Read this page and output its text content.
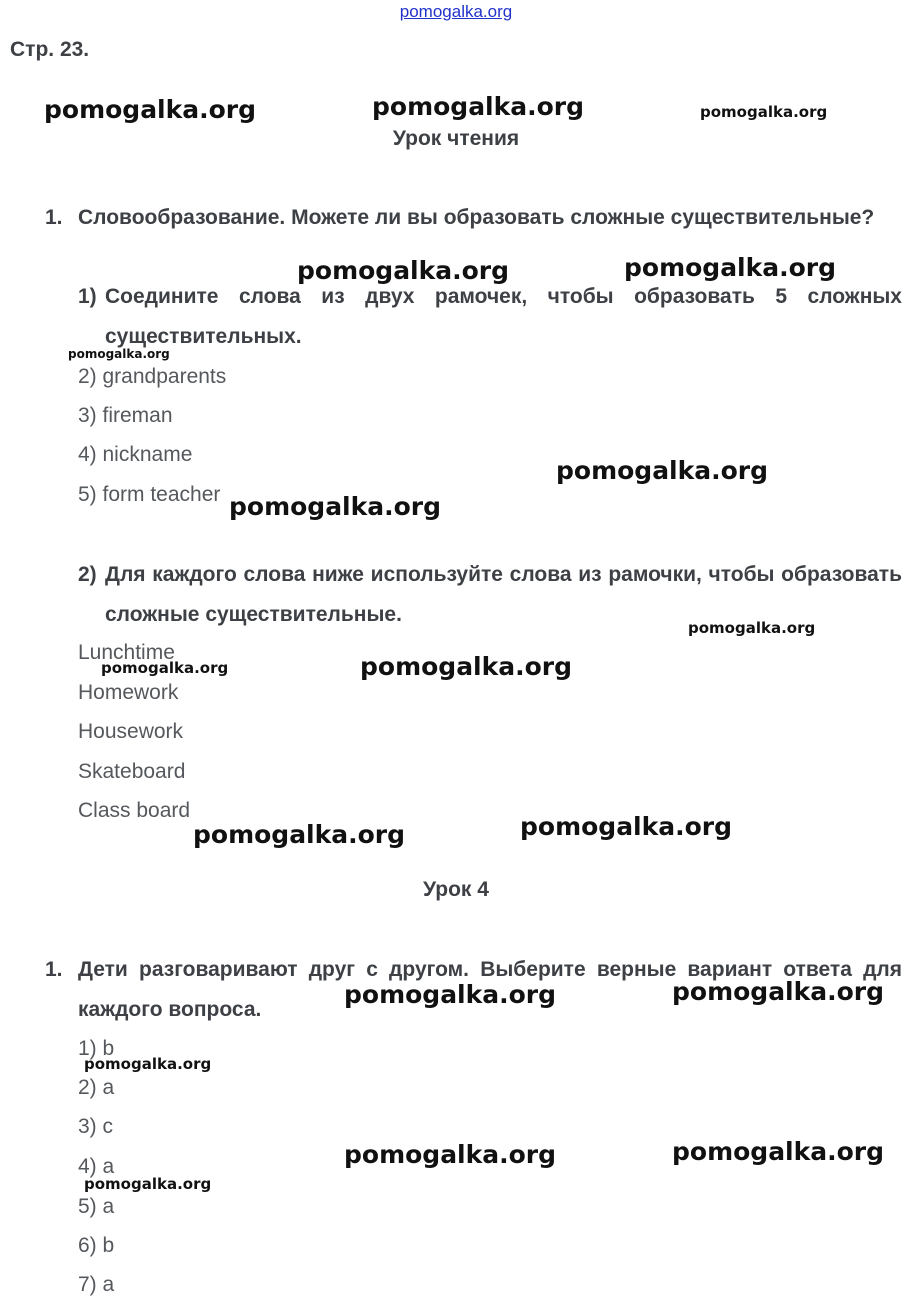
pomogalka.org
Стр. 23.
Урок чтения
1. Словообразование. Можете ли вы образовать сложные существительные?
1) Соедините слова из двух рамочек, чтобы образовать 5 сложных существительных.
2) grandparents
3) fireman
4) nickname
5) form teacher
2) Для каждого слова ниже используйте слова из рамочки, чтобы образовать сложные существительные.
Lunchtime
Homework
Housework
Skateboard
Class board
Урок 4
1. Дети разговаривают друг с другом. Выберите верные вариант ответа для каждого вопроса.
1) b
2) a
3) c
4) a
5) a
6) b
7) a
pomogalka.org	pomogalka.org	pomogalka.org
pomogalka.org	pomogalka.org
pomogalka.org
pomogalka.org
pomogalka.org
pomogalka.org
pomogalka.org	pomogalka.org
pomogalka.org	pomogalka.org
pomogalka.org	pomogalka.org
pomogalka.org
pomogalka.org	pomogalka.org
pomogalka.org
